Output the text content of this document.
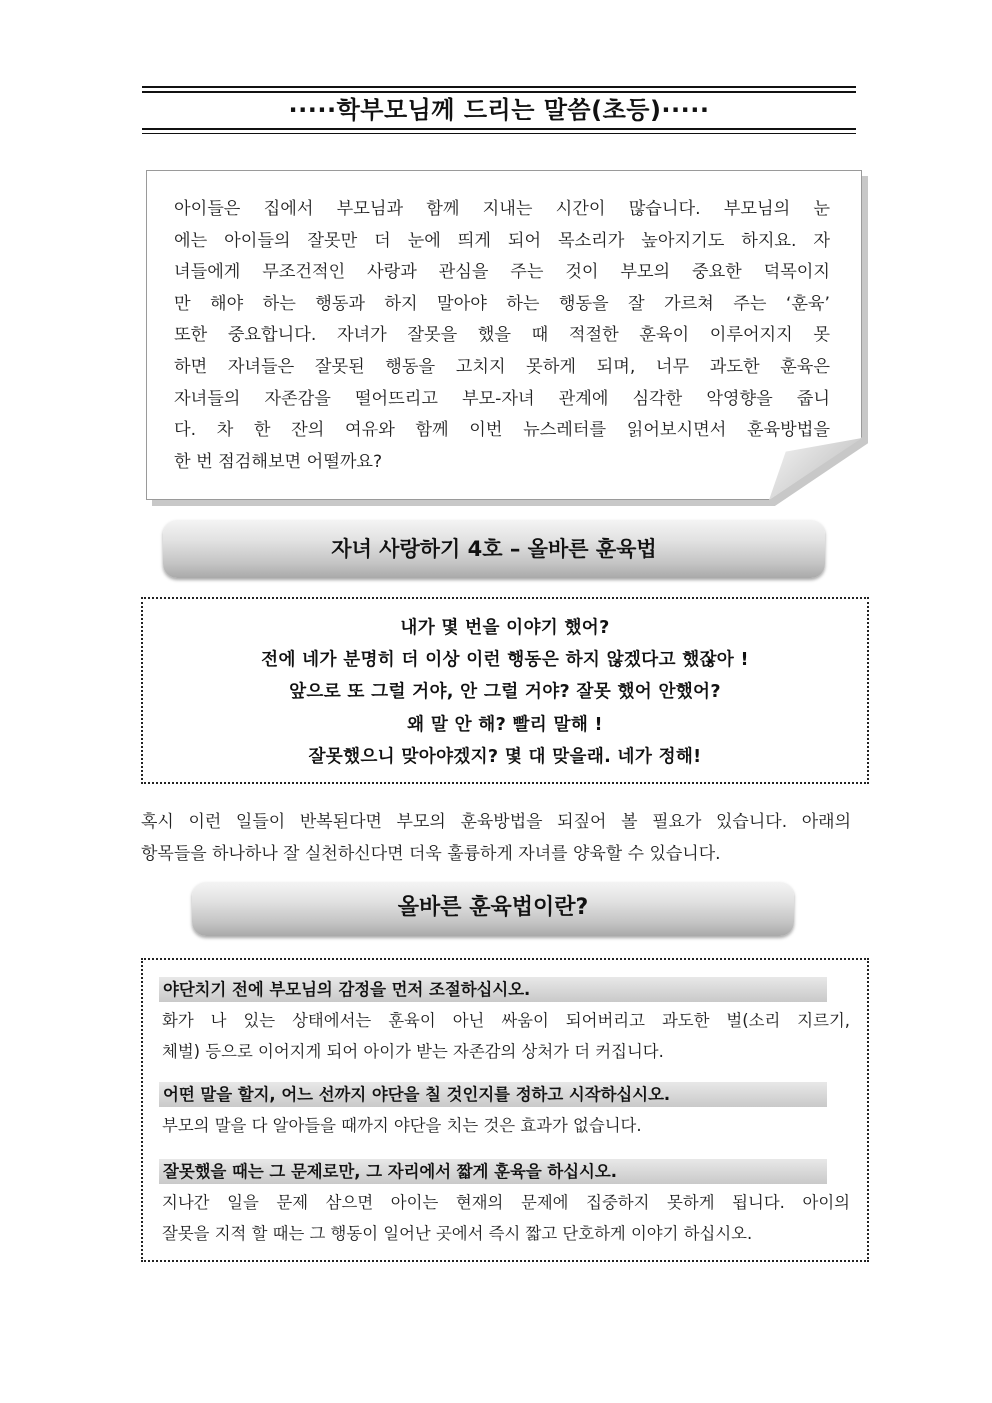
∙∙∙∙∙학부모님께 드리는 말씀(초등)∙∙∙∙∙
아이들은 집에서 부모님과 함께 지내는 시간이 많습니다. 부모님의 눈
에는 아이들의 잘못만 더 눈에 띄게 되어 목소리가 높아지기도 하지요. 자
녀들에게 무조건적인 사랑과 관심을 주는 것이 부모의 중요한 덕목이지
만 해야 하는 행동과 하지 말아야 하는 행동을 잘 가르쳐 주는 ‘훈육’
또한 중요합니다. 자녀가 잘못을 했을 때 적절한 훈육이 이루어지지 못
하면 자녀들은 잘못된 행동을 고치지 못하게 되며, 너무 과도한 훈육은
자녀들의 자존감을 떨어뜨리고 부모-자녀 관계에 심각한 악영향을 줍니
다. 차 한 잔의 여유와 함께 이번 뉴스레터를 읽어보시면서 훈육방법을
한 번 점검해보면 어떨까요?
자녀 사랑하기 4호 – 올바른 훈육법
내가 몇 번을 이야기 했어?
전에 네가 분명히 더 이상 이런 행동은 하지 않겠다고 했잖아 !
앞으로 또 그럴 거야, 안 그럴 거야? 잘못 했어 안했어?
왜 말 안 해? 빨리 말해 !
잘못했으니 맞아야겠지? 몇 대 맞을래. 네가 정해!
혹시 이런 일들이 반복된다면 부모의 훈육방법을 되짚어 볼 필요가 있습니다. 아래의
항목들을 하나하나 잘 실천하신다면 더욱 훌륭하게 자녀를 양육할 수 있습니다.
올바른 훈육법이란?
야단치기 전에 부모님의 감정을 먼저 조절하십시오.
화가 나 있는 상태에서는 훈육이 아닌 싸움이 되어버리고 과도한 벌(소리 지르기,
체벌) 등으로 이어지게 되어 아이가 받는 자존감의 상처가 더 커집니다.
어떤 말을 할지, 어느 선까지 야단을 칠 것인지를 정하고 시작하십시오.
부모의 말을 다 알아들을 때까지 야단을 치는 것은 효과가 없습니다.
잘못했을 때는 그 문제로만, 그 자리에서 짧게 훈육을 하십시오.
지나간 일을 문제 삼으면 아이는 현재의 문제에 집중하지 못하게 됩니다. 아이의
잘못을 지적 할 때는 그 행동이 일어난 곳에서 즉시 짧고 단호하게 이야기 하십시오.
